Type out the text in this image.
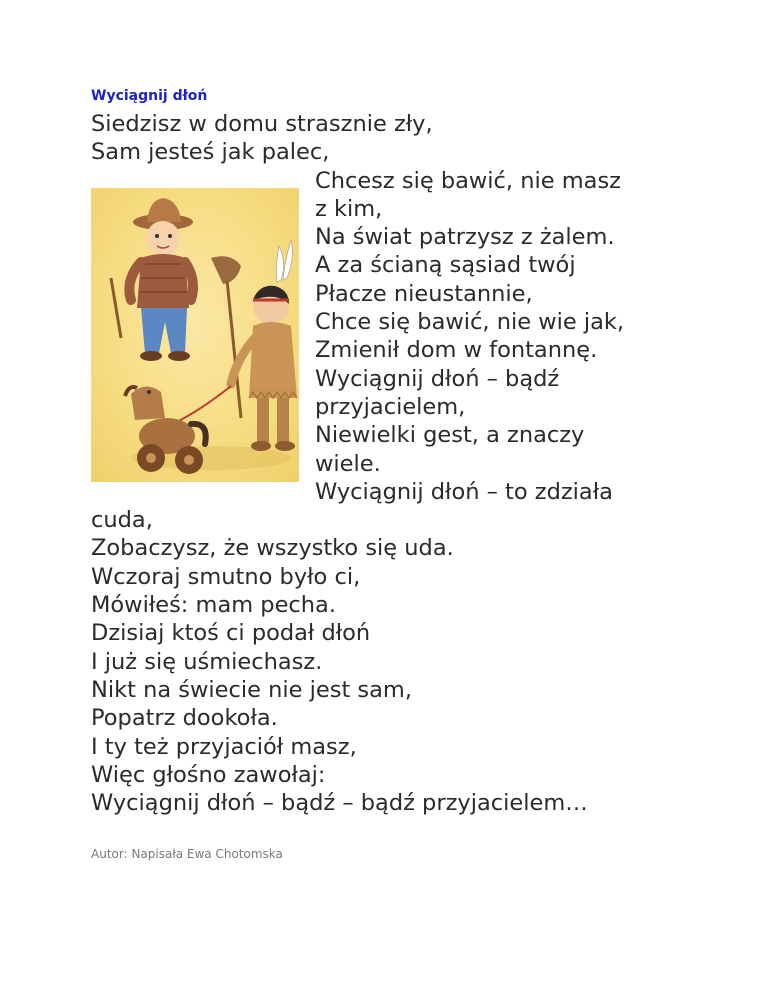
Wyciągnij dłoń
Siedzisz w domu strasznie zły,
Sam jesteś jak palec,
Chcesz się bawić, nie masz
z kim,
Na świat patrzysz z żalem.
A za ścianą sąsiad twój
Płacze nieustannie,
Chce się bawić, nie wie jak,
Zmienił dom w fontannę.
Wyciągnij dłoń – bądź
przyjacielem,
Niewielki gest, a znaczy
wiele.
Wyciągnij dłoń – to zdziała
cuda,
Zobaczysz, że wszystko się uda.
Wczoraj smutno było ci,
Mówiłeś: mam pecha.
Dzisiaj ktoś ci podał dłoń
I już się uśmiechasz.
Nikt na świecie nie jest sam,
Popatrz dookoła.
I ty też przyjaciół masz,
Więc głośno zawołaj:
Wyciągnij dłoń – bądź – bądź przyjacielem…
Autor: Napisała Ewa Chotomska
